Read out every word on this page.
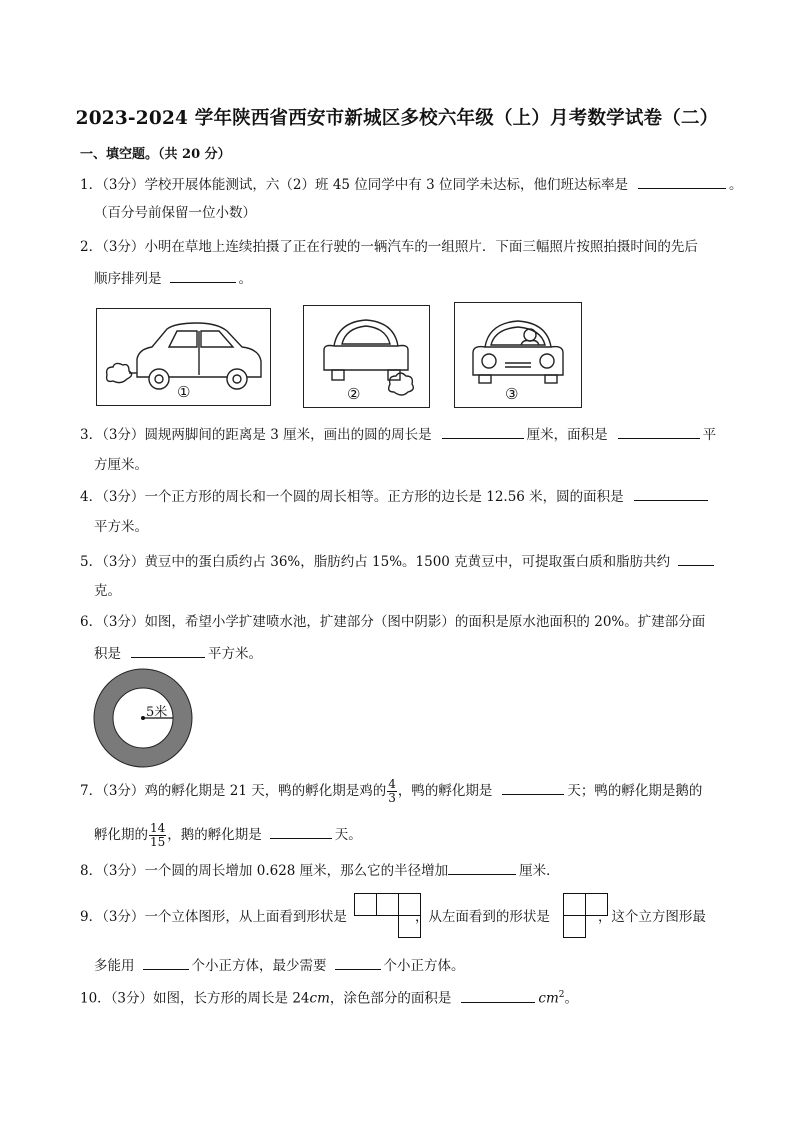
2023-2024 学年陕西省西安市新城区多校六年级（上）月考数学试卷（二）
一、填空题。（共 20 分）
1．（3分）学校开展体能测试，六（2）班 45 位同学中有 3 位同学未达标，他们班达标率是	。
（百分号前保留一位小数）
2．（3分）小明在草地上连续拍摄了正在行驶的一辆汽车的一组照片．下面三幅照片按照拍摄时间的先后
顺序排列是	。
①	②	③
3．（3分）圆规两脚间的距离是 3 厘米，画出的圆的周长是	厘米，面积是	平
方厘米。
4．（3分）一个正方形的周长和一个圆的周长相等。正方形的边长是 12.56 米，圆的面积是
平方米。
5．（3分）黄豆中的蛋白质约占 36%，脂肪约占 15%。1500 克黄豆中，可提取蛋白质和脂肪共约
克。
6．（3分）如图，希望小学扩建喷水池，扩建部分（图中阴影）的面积是原水池面积的 20%。扩建部分面
积是	平方米。
5米
7．（3分）鸡的孵化期是 21 天，鸭的孵化期是鸡的 $\frac{4}{3}$ ，鸭的孵化期是	天；鸭的孵化期是鹅的
孵化期的 $\frac{14}{15}$ ，鹅的孵化期是	天。
8．（3分）一个圆的周长增加 0.628 厘米，那么它的半径增加	厘米．
9．（3分）一个立体图形，从上面看到形状是	，从左面看到的形状是	，这个立方图形最
多能用	个小正方体，最少需要	个小正方体。
10．（3分）如图，长方形的周长是 24cm，涂色部分的面积是	$cm^2$。
